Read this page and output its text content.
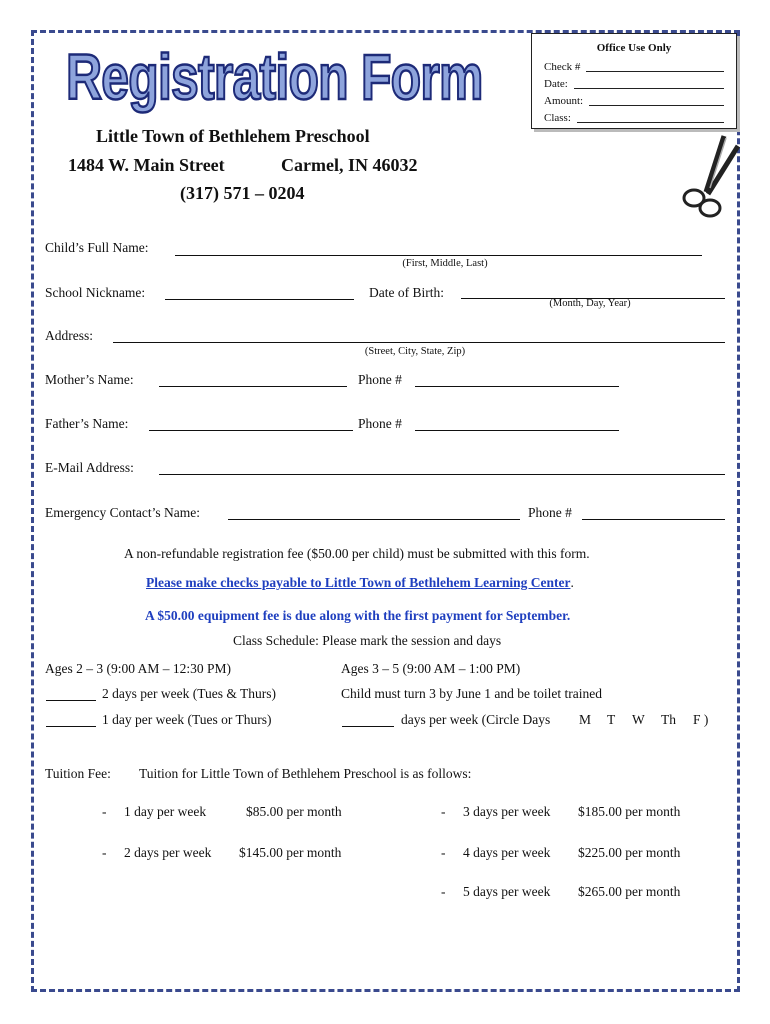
Registration Form	Office Use Only
Check #
Date:
Amount:
Class:
Little Town of Bethlehem Preschool
1484 W. Main Street	Carmel, IN 46032
(317) 571 – 0204
Child’s Full Name:
(First, Middle, Last)
School Nickname:	Date of Birth:
(Month, Day, Year)
Address:
(Street, City, State, Zip)
Mother’s Name:	Phone #
Father’s Name:	Phone #
E-Mail Address:
Emergency Contact’s Name:	Phone #
A non-refundable registration fee ($50.00 per child) must be submitted with this form.
Please make checks payable to Little Town of Bethlehem Learning Center.
A $50.00 equipment fee is due along with the first payment for September.
Class Schedule: Please mark the session and days
Ages 2 – 3 (9:00 AM – 12:30 PM)
2 days per week (Tues & Thurs)
1 day per week (Tues or Thurs)
Ages 3 – 5 (9:00 AM – 1:00 PM)
Child must turn 3 by June 1 and be toilet trained
days per week (Circle Days M T W Th F )
Tuition Fee: Tuition for Little Town of Bethlehem Preschool is as follows:
- 1 day per week	$85.00 per month
- 2 days per week $145.00 per month
- 3 days per week $185.00 per month
- 4 days per week $225.00 per month
- 5 days per week $265.00 per month
